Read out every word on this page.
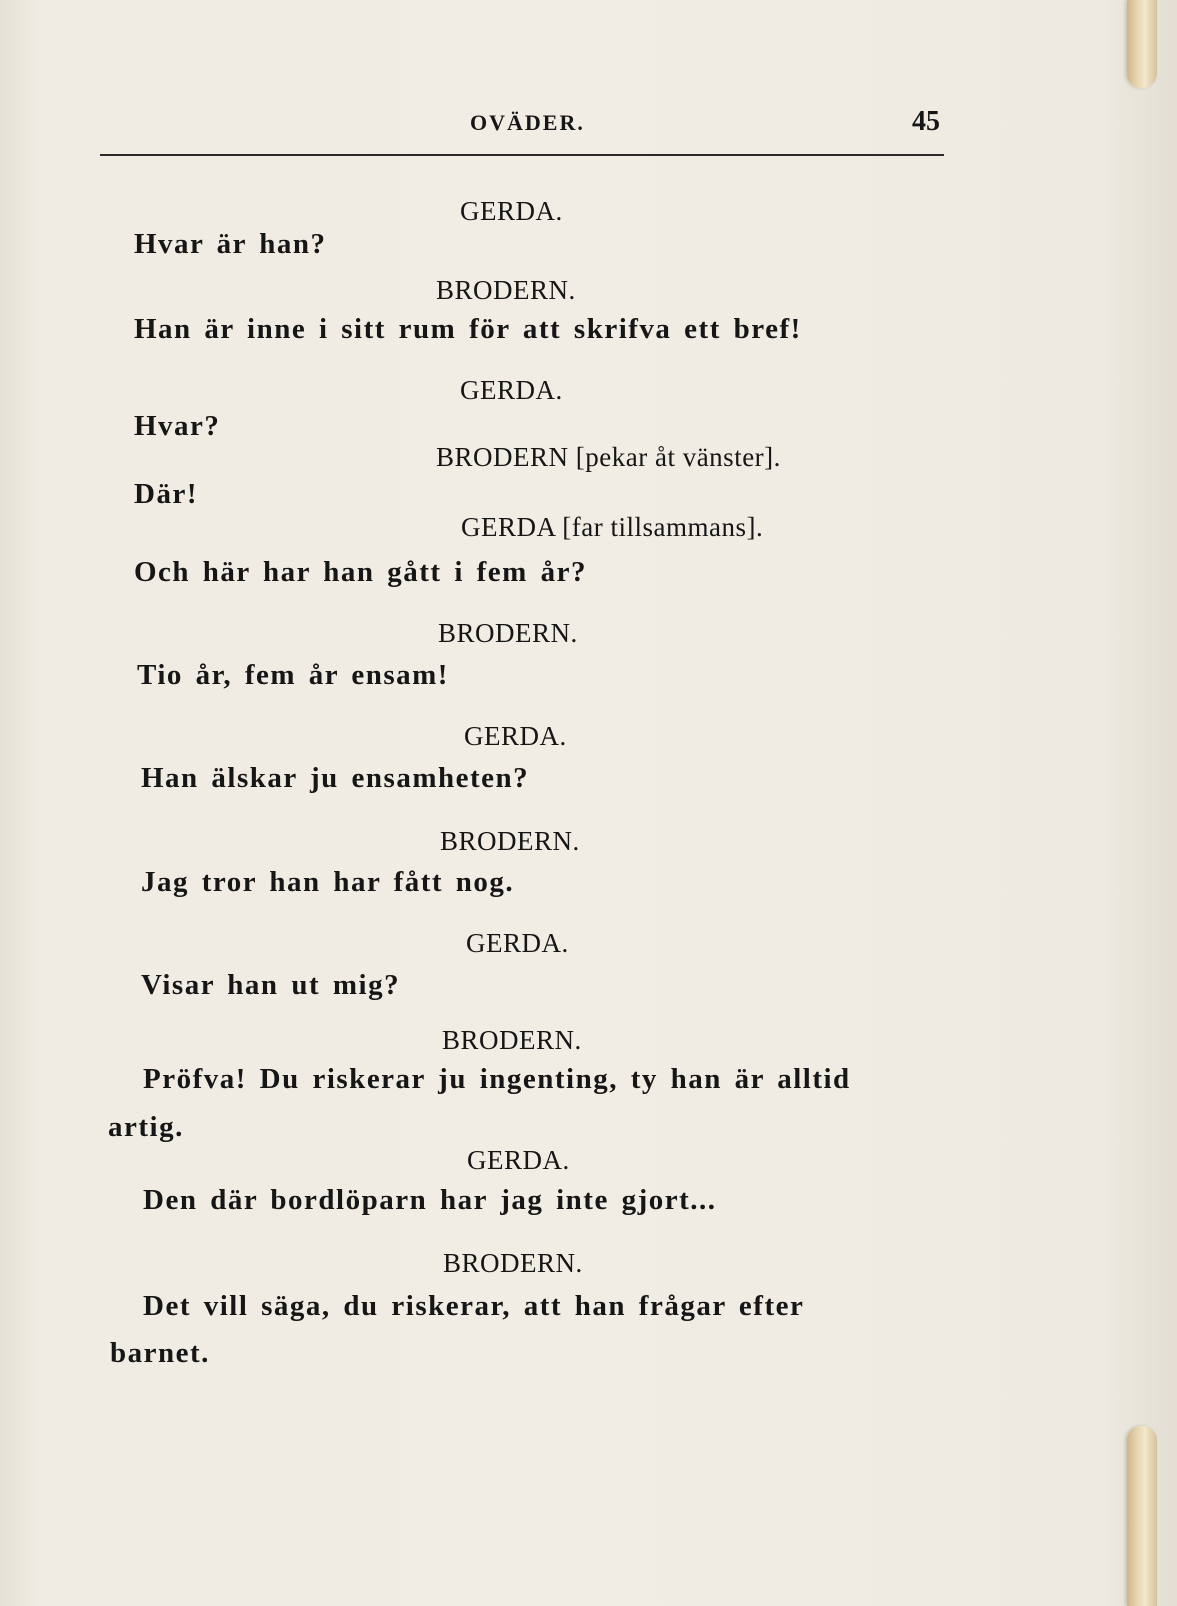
OVÄDER.	45
GERDA.
Hvar är han?
BRODERN.
Han är inne i sitt rum för att skrifva ett bref!
GERDA.
Hvar?
BRODERN [pekar åt vänster].
Där!
GERDA [far tillsammans].
Och här har han gått i fem år?
BRODERN.
Tio år, fem år ensam!
GERDA.
Han älskar ju ensamheten?
BRODERN.
Jag tror han har fått nog.
GERDA.
Visar han ut mig?
BRODERN.
Pröfva! Du riskerar ju ingenting, ty han är alltid
artig.
GERDA.
Den där bordlöparn har jag inte gjort...
BRODERN.
Det vill säga, du riskerar, att han frågar efter
barnet.
